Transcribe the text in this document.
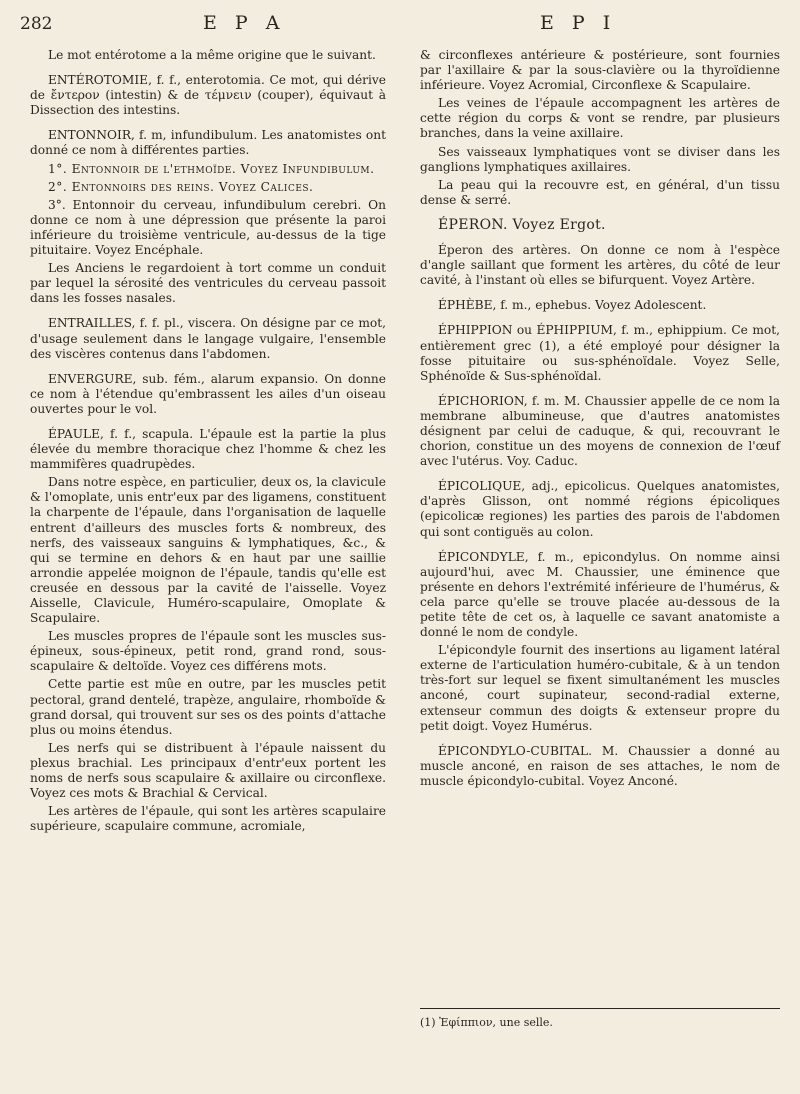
282	E P A	E P I

Le mot entérotome a la même origine que le suivant.

ENTÉROTOMIE, f. f., enterotomia. Ce mot, qui dérive de ἔντερον (intestin) & de τέμνειν (couper), équivaut à Dissection des intestins.

ENTONNOIR, f. m, infundibulum. Les anatomistes ont donné ce nom à différentes parties.

1°. Entonnoir de l'ethmoïde. Voyez Infundibulum.

2°. Entonnoirs des reins. Voyez Calices.

3°. Entonnoir du cerveau, infundibulum cerebri. On donne ce nom à une dépression que présente la paroi inférieure du troisième ventricule, au-dessus de la tige pituitaire. Voyez Encéphale.

Les Anciens le regardoient à tort comme un conduit par lequel la sérosité des ventricules du cerveau passoit dans les fosses nasales.

ENTRAILLES, f. f. pl., viscera. On désigne par ce mot, d'usage seulement dans le langage vulgaire, l'ensemble des viscères contenus dans l'abdomen.

ENVERGURE, sub. fém., alarum expansio. On donne ce nom à l'étendue qu'embrassent les ailes d'un oiseau ouvertes pour le vol.

ÉPAULE, f. f., scapula. L'épaule est la partie la plus élevée du membre thoracique chez l'homme & chez les mammifères quadrupèdes.

Dans notre espèce, en particulier, deux os, la clavicule & l'omoplate, unis entr'eux par des ligamens, constituent la charpente de l'épaule, dans l'organisation de laquelle entrent d'ailleurs des muscles forts & nombreux, des nerfs, des vaisseaux sanguins & lymphatiques, &c., & qui se termine en dehors & en haut par une saillie arrondie appelée moignon de l'épaule, tandis qu'elle est creusée en dessous par la cavité de l'aisselle. Voyez Aisselle, Clavicule, Huméro-scapulaire, Omoplate & Scapulaire.

Les muscles propres de l'épaule sont les muscles sus-épineux, sous-épineux, petit rond, grand rond, sous-scapulaire & deltoïde. Voyez ces différens mots.

Cette partie est mûe en outre, par les muscles petit pectoral, grand dentelé, trapèze, angulaire, rhomboïde & grand dorsal, qui trouvent sur ses os des points d'attache plus ou moins étendus.

Les nerfs qui se distribuent à l'épaule naissent du plexus brachial. Les principaux d'entr'eux portent les noms de nerfs sous scapulaire & axillaire ou circonflexe. Voyez ces mots & Brachial & Cervical.

Les artères de l'épaule, qui sont les artères scapulaire supérieure, scapulaire commune, acromiale,

& circonflexes antérieure & postérieure, sont fournies par l'axillaire & par la sous-clavière ou la thyroïdienne inférieure. Voyez Acromial, Circonflexe & Scapulaire.

Les veines de l'épaule accompagnent les artères de cette région du corps & vont se rendre, par plusieurs branches, dans la veine axillaire.

Ses vaisseaux lymphatiques vont se diviser dans les ganglions lymphatiques axillaires.

La peau qui la recouvre est, en général, d'un tissu dense & serré.

ÉPERON. Voyez Ergot.

Éperon des artères. On donne ce nom à l'espèce d'angle saillant que forment les artères, du côté de leur cavité, à l'instant où elles se bifurquent. Voyez Artère.

ÉPHÈBE, f. m., ephebus. Voyez Adolescent.

ÉPHIPPION ou ÉPHIPPIUM, f. m., ephippium. Ce mot, entièrement grec (1), a été employé pour désigner la fosse pituitaire ou sus-sphénoïdale. Voyez Selle, Sphénoïde & Sus-sphénoïdal.

ÉPICHORION, f. m. M. Chaussier appelle de ce nom la membrane albumineuse, que d'autres anatomistes désignent par celui de caduque, & qui, recouvrant le chorion, constitue un des moyens de connexion de l'œuf avec l'utérus. Voy. Caduc.

ÉPICOLIQUE, adj., epicolicus. Quelques anatomistes, d'après Glisson, ont nommé régions épicoliques (epicolicæ regiones) les parties des parois de l'abdomen qui sont contiguës au colon.

ÉPICONDYLE, f. m., epicondylus. On nomme ainsi aujourd'hui, avec M. Chaussier, une éminence que présente en dehors l'extrémité inférieure de l'humérus, & cela parce qu'elle se trouve placée au-dessous de la petite tête de cet os, à laquelle ce savant anatomiste a donné le nom de condyle.

L'épicondyle fournit des insertions au ligament latéral externe de l'articulation huméro-cubitale, & à un tendon très-fort sur lequel se fixent simultanément les muscles anconé, court supinateur, second-radial externe, extenseur commun des doigts & extenseur propre du petit doigt. Voyez Humérus.

ÉPICONDYLO-CUBITAL. M. Chaussier a donné au muscle anconé, en raison de ses attaches, le nom de muscle épicondylo-cubital. Voyez Anconé.

(1) Ἐφίππιον, une selle.
